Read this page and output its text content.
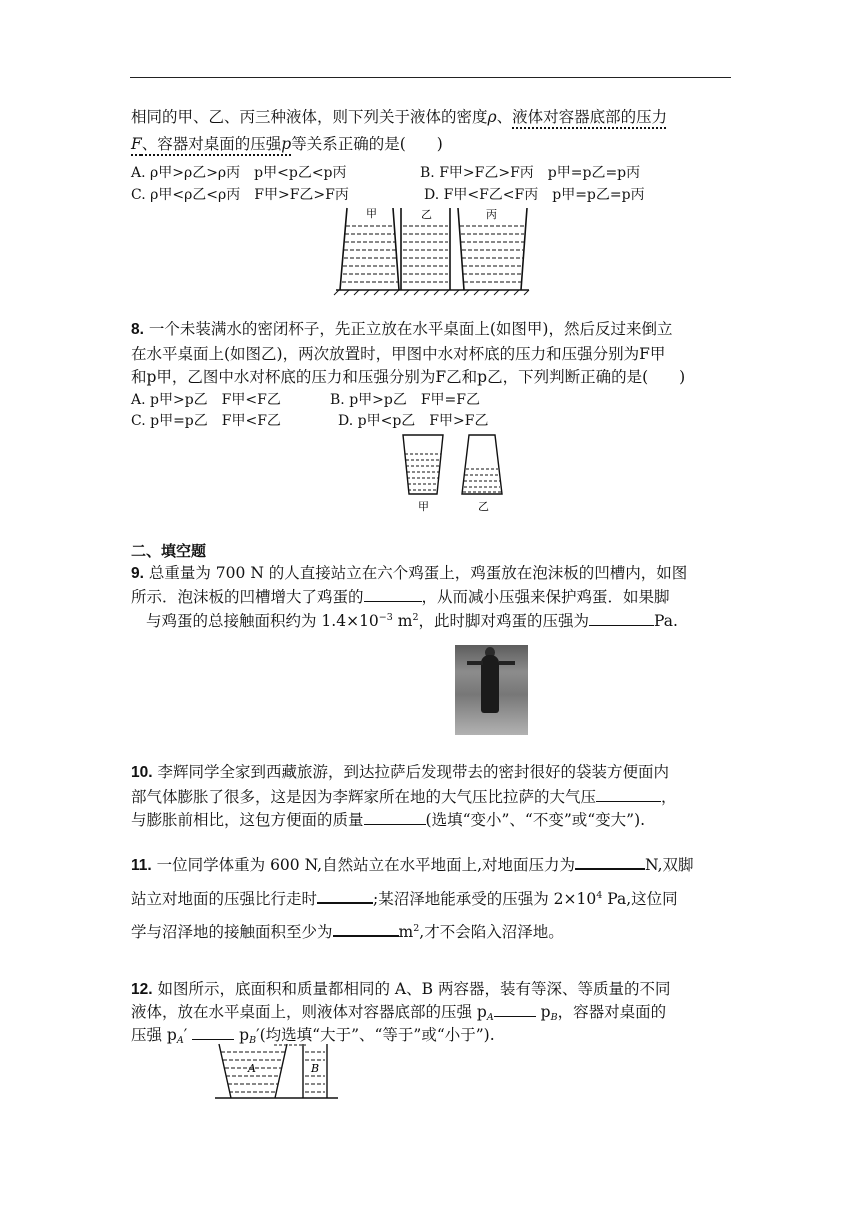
相同的甲、乙、丙三种液体，则下列关于液体的密度ρ、液体对容器底部的压力
F、容器对桌面的压强p等关系正确的是(　　)
A. ρ甲>ρ乙>ρ丙　p甲<p乙<p丙	B. F甲>F乙>F丙　p甲=p乙=p丙
C. ρ甲<ρ乙<ρ丙　F甲>F乙>F丙	D. F甲<F乙<F丙　p甲=p乙=p丙
甲	乙	丙
8. 一个未装满水的密闭杯子，先正立放在水平桌面上(如图甲)，然后反过来倒立
在水平桌面上(如图乙)，两次放置时，甲图中水对杯底的压力和压强分别为F甲
和p甲，乙图中水对杯底的压力和压强分别为F乙和p乙，下列判断正确的是(　　)
A. p甲>p乙　F甲<F乙	B. p甲>p乙　F甲=F乙
C. p甲=p乙　F甲<F乙	D. p甲<p乙　F甲>F乙
甲	乙
二、填空题
9. 总重量为 700 N 的人直接站立在六个鸡蛋上，鸡蛋放在泡沫板的凹槽内，如图
所示．泡沫板的凹槽增大了鸡蛋的	，从而减小压强来保护鸡蛋．如果脚
与鸡蛋的总接触面积约为 $1.4\times 10^{-3}$ $m^2$，此时脚对鸡蛋的压强为	Pa.
10. 李辉同学全家到西藏旅游，到达拉萨后发现带去的密封很好的袋装方便面内
部气体膨胀了很多，这是因为李辉家所在地的大气压比拉萨的大气压	，
与膨胀前相比，这包方便面的质量	(选填“变小”、“不变”或“变大”).
11. 一位同学体重为 600 N,自然站立在水平地面上,对地面压力为	N,双脚
站立对地面的压强比行走时	;某沼泽地能承受的压强为 $2\times 10^4$ Pa,这位同
学与沼泽地的接触面积至少为	$m^2$,才不会陷入沼泽地。
12. 如图所示，底面积和质量都相同的 A、B 两容器，装有等深、等质量的不同
液体，放在水平桌面上，则液体对容器底部的压强 pA	pB，容器对桌面的
压强 pA′	pB′(均选填“大于”、“等于”或“小于”).
A	B
